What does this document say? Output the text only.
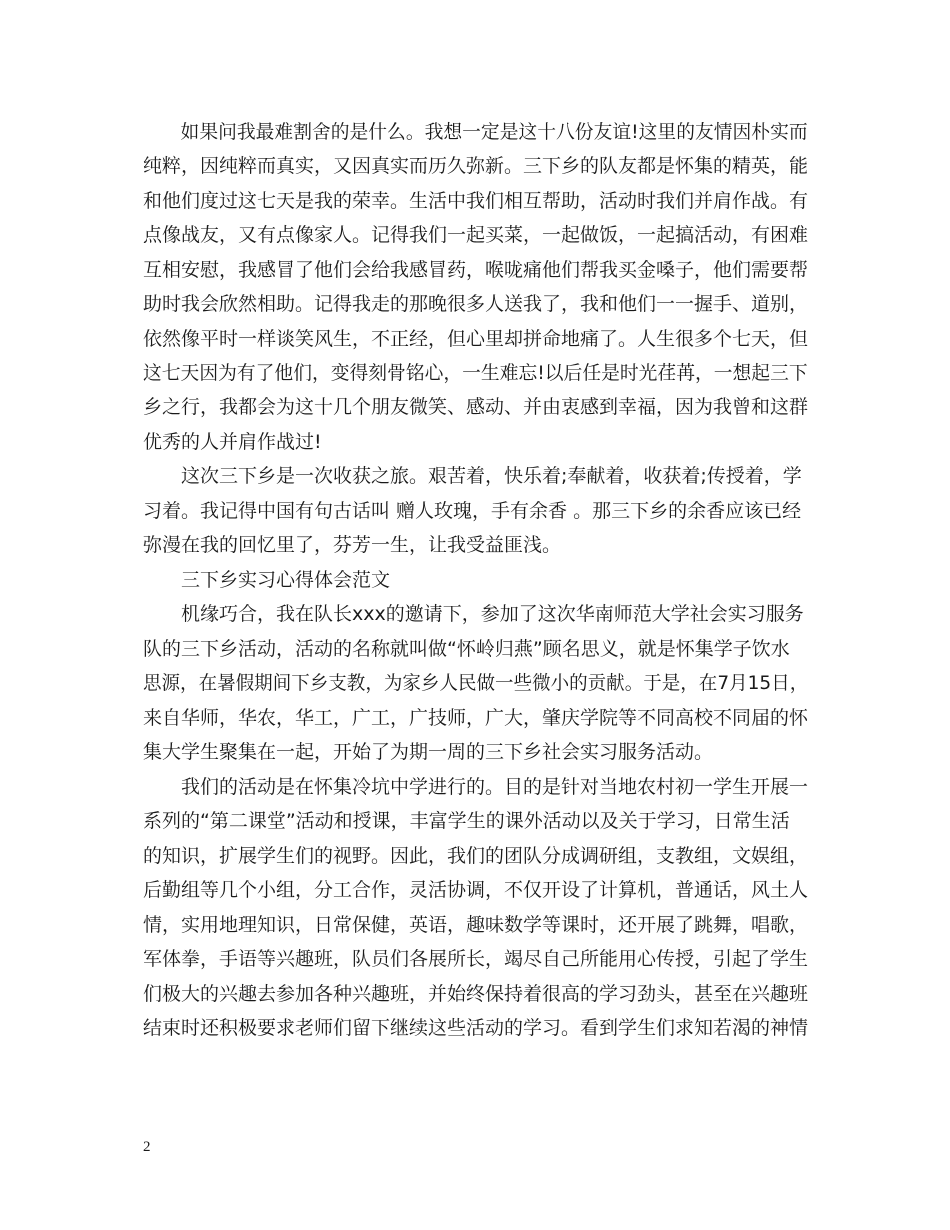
　　如果问我最难割舍的是什么。我想一定是这十八份友谊!这里的友情因朴实而
纯粹，因纯粹而真实，又因真实而历久弥新。三下乡的队友都是怀集的精英，能
和他们度过这七天是我的荣幸。生活中我们相互帮助，活动时我们并肩作战。有
点像战友，又有点像家人。记得我们一起买菜，一起做饭，一起搞活动，有困难
互相安慰，我感冒了他们会给我感冒药，喉咙痛他们帮我买金嗓子，他们需要帮
助时我会欣然相助。记得我走的那晚很多人送我了，我和他们一一握手、道别，
依然像平时一样谈笑风生，不正经，但心里却拼命地痛了。人生很多个七天，但
这七天因为有了他们，变得刻骨铭心，一生难忘!以后任是时光荏苒，一想起三下
乡之行，我都会为这十几个朋友微笑、感动、并由衷感到幸福，因为我曾和这群
优秀的人并肩作战过!
　　这次三下乡是一次收获之旅。艰苦着，快乐着;奉献着，收获着;传授着，学
习着。我记得中国有句古话叫 赠人玫瑰，手有余香 。那三下乡的余香应该已经
弥漫在我的回忆里了，芬芳一生，让我受益匪浅。
　　三下乡实习心得体会范文
　　机缘巧合，我在队长xxx的邀请下，参加了这次华南师范大学社会实习服务
队的三下乡活动，活动的名称就叫做“怀岭归燕”顾名思义，就是怀集学子饮水
思源，在暑假期间下乡支教，为家乡人民做一些微小的贡献。于是，在7月15日，
来自华师，华农，华工，广工，广技师，广大，肇庆学院等不同高校不同届的怀
集大学生聚集在一起，开始了为期一周的三下乡社会实习服务活动。
　　我们的活动是在怀集冷坑中学进行的。目的是针对当地农村初一学生开展一
系列的“第二课堂”活动和授课，丰富学生的课外活动以及关于学习，日常生活
的知识，扩展学生们的视野。因此，我们的团队分成调研组，支教组，文娱组，
后勤组等几个小组，分工合作，灵活协调，不仅开设了计算机，普通话，风土人
情，实用地理知识，日常保健，英语，趣味数学等课时，还开展了跳舞，唱歌，
军体拳，手语等兴趣班，队员们各展所长，竭尽自己所能用心传授，引起了学生
们极大的兴趣去参加各种兴趣班，并始终保持着很高的学习劲头，甚至在兴趣班
结束时还积极要求老师们留下继续这些活动的学习。看到学生们求知若渴的神情
2
